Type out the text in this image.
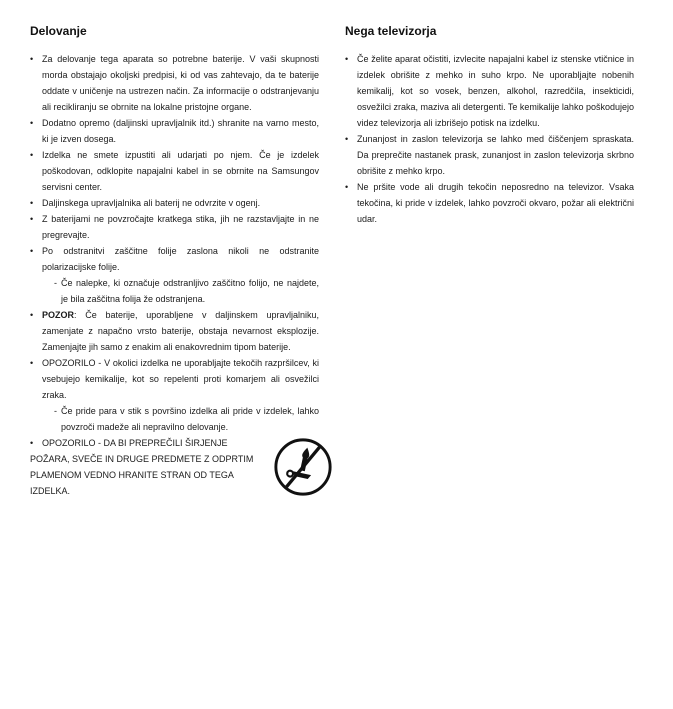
Delovanje
• Za delovanje tega aparata so potrebne baterije. V vaši skupnosti morda obstajajo okoljski predpisi, ki od vas zahtevajo, da te baterije oddate v uničenje na ustrezen način. Za informacije o odstranjevanju ali recikliranju se obrnite na lokalne pristojne organe.
• Dodatno opremo (daljinski upravljalnik itd.) shranite na varno mesto, ki je izven dosega.
• Izdelka ne smete izpustiti ali udarjati po njem. Če je izdelek poškodovan, odklopite napajalni kabel in se obrnite na Samsungov servisni center.
• Daljinskega upravljalnika ali baterij ne odvrzite v ogenj.
• Z baterijami ne povzročajte kratkega stika, jih ne razstavljajte in ne pregrevajte.
• Po odstranitvi zaščitne folije zaslona nikoli ne odstranite polarizacijske folije.
- Če nalepke, ki označuje odstranljivo zaščitno folijo, ne najdete, je bila zaščitna folija že odstranjena.
• POZOR: Če baterije, uporabljene v daljinskem upravljalniku, zamenjate z napačno vrsto baterije, obstaja nevarnost eksplozije. Zamenjajte jih samo z enakim ali enakovrednim tipom baterije.
• OPOZORILO - V okolici izdelka ne uporabljajte tekočih razpršilcev, ki vsebujejo kemikalije, kot so repelenti proti komarjem ali osvežilci zraka.
- Če pride para v stik s površino izdelka ali pride v izdelek, lahko povzroči madeže ali nepravilno delovanje.
• OPOZORILO - DA BI PREPREČILI ŠIRJENJE POŽARA, SVEČE IN DRUGE PREDMETE Z ODPRTIM PLAMENOM VEDNO HRANITE STRAN OD TEGA IZDELKA.
Nega televizorja
• Če želite aparat očistiti, izvlecite napajalni kabel iz stenske vtičnice in izdelek obrišite z mehko in suho krpo. Ne uporabljajte nobenih kemikalij, kot so vosek, benzen, alkohol, razredčila, insekticidi, osvežilci zraka, maziva ali detergenti. Te kemikalije lahko poškodujejo videz televizorja ali izbrišejo potisk na izdelku.
• Zunanjost in zaslon televizorja se lahko med čiščenjem spraskata. Da preprečite nastanek prask, zunanjost in zaslon televizorja skrbno obrišite z mehko krpo.
• Ne pršite vode ali drugih tekočin neposredno na televizor. Vsaka tekočina, ki pride v izdelek, lahko povzroči okvaro, požar ali električni udar.
